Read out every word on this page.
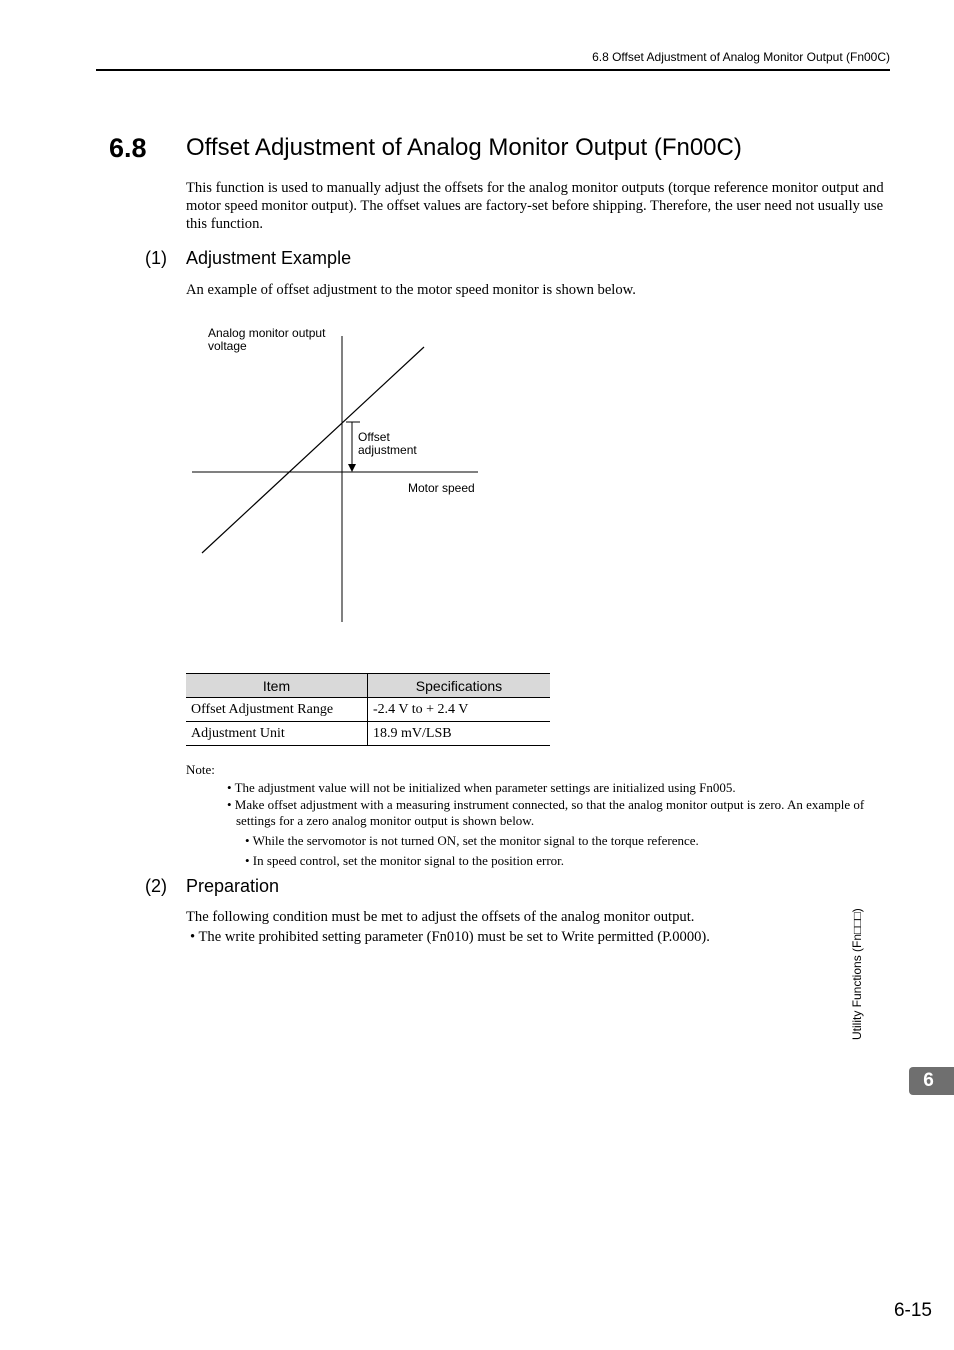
6.8 Offset Adjustment of Analog Monitor Output (Fn00C)
6.8 Offset Adjustment of Analog Monitor Output (Fn00C)
This function is used to manually adjust the offsets for the analog monitor outputs (torque reference monitor output and motor speed monitor output). The offset values are factory-set before shipping. Therefore, the user need not usually use this function.
(1) Adjustment Example
An example of offset adjustment to the motor speed monitor is shown below.
Analog monitor output
voltage
Offset
adjustment
Motor speed
Item	Specifications
Offset Adjustment Range	-2.4 V to + 2.4 V
Adjustment Unit	18.9 mV/LSB
Note:
• The adjustment value will not be initialized when parameter settings are initialized using Fn005.
• Make offset adjustment with a measuring instrument connected, so that the analog monitor output is zero. An example of settings for a zero analog monitor output is shown below.
• While the servomotor is not turned ON, set the monitor signal to the torque reference.
• In speed control, set the monitor signal to the position error.
(2) Preparation
The following condition must be met to adjust the offsets of the analog monitor output.
• The write prohibited setting parameter (Fn010) must be set to Write permitted (P.0000).	Utility Functions (Fn□□□)
6
6-15
